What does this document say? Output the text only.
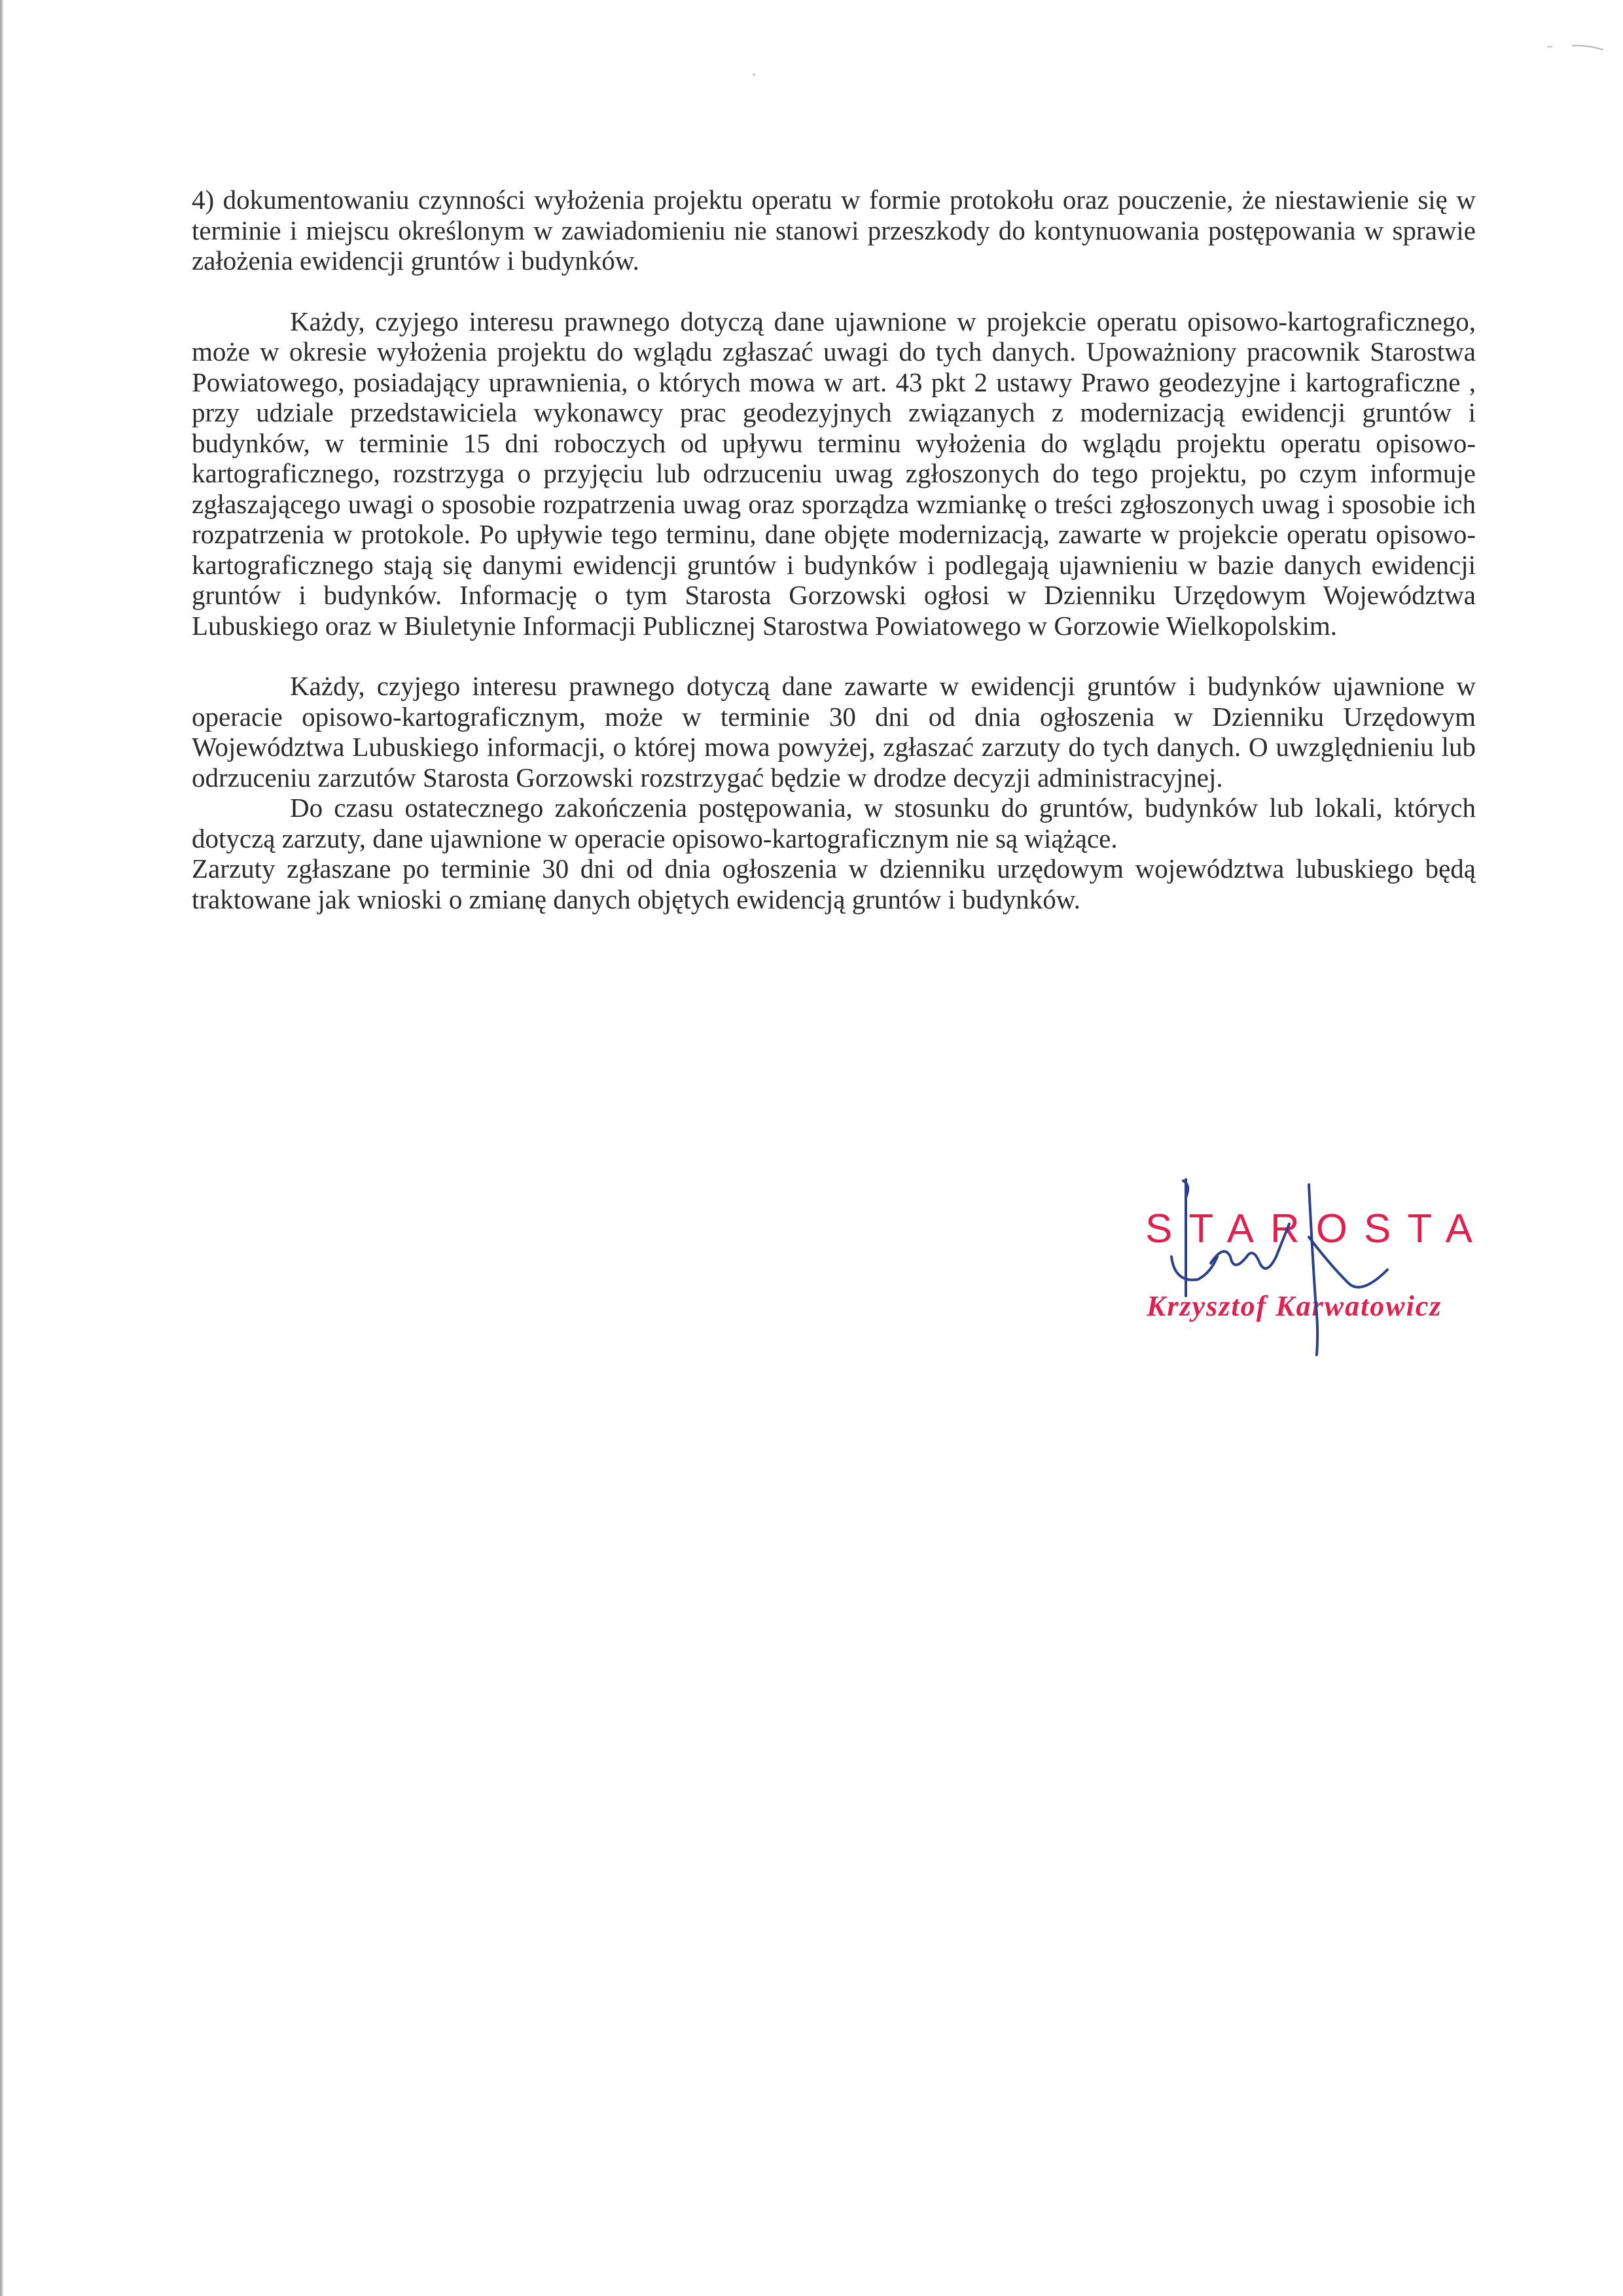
4) dokumentowaniu czynności wyłożenia projektu operatu w formie protokołu oraz pouczenie, że niestawienie się w terminie i miejscu określonym w zawiadomieniu nie stanowi przeszkody do kontynuowania postępowania w sprawie założenia ewidencji gruntów i budynków.

Każdy, czyjego interesu prawnego dotyczą dane ujawnione w projekcie operatu opisowo-kartograficznego, może w okresie wyłożenia projektu do wglądu zgłaszać uwagi do tych danych. Upoważniony pracownik Starostwa Powiatowego, posiadający uprawnienia, o których mowa w art. 43 pkt 2 ustawy Prawo geodezyjne i kartograficzne , przy udziale przedstawiciela wykonawcy prac geodezyjnych związanych z modernizacją ewidencji gruntów i budynków, w terminie 15 dni roboczych od upływu terminu wyłożenia do wglądu projektu operatu opisowo-kartograficznego, rozstrzyga o przyjęciu lub odrzuceniu uwag zgłoszonych do tego projektu, po czym informuje zgłaszającego uwagi o sposobie rozpatrzenia uwag oraz sporządza wzmiankę o treści zgłoszonych uwag i sposobie ich rozpatrzenia w protokole. Po upływie tego terminu, dane objęte modernizacją, zawarte w projekcie operatu opisowo-kartograficznego stają się danymi ewidencji gruntów i budynków i podlegają ujawnieniu w bazie danych ewidencji gruntów i budynków. Informację o tym Starosta Gorzowski ogłosi w Dzienniku Urzędowym Województwa Lubuskiego oraz w Biuletynie Informacji Publicznej Starostwa Powiatowego w Gorzowie Wielkopolskim.

Każdy, czyjego interesu prawnego dotyczą dane zawarte w ewidencji gruntów i budynków ujawnione w operacie opisowo-kartograficznym, może w terminie 30 dni od dnia ogłoszenia w Dzienniku Urzędowym Województwa Lubuskiego informacji, o której mowa powyżej, zgłaszać zarzuty do tych danych. O uwzględnieniu lub odrzuceniu zarzutów Starosta Gorzowski rozstrzygać będzie w drodze decyzji administracyjnej.

Do czasu ostatecznego zakończenia postępowania, w stosunku do gruntów, budynków lub lokali, których dotyczą zarzuty, dane ujawnione w operacie opisowo-kartograficznym nie są wiążące.

Zarzuty zgłaszane po terminie 30 dni od dnia ogłoszenia w dzienniku urzędowym województwa lubuskiego będą traktowane jak wnioski o zmianę danych objętych ewidencją gruntów i budynków.

STAROSTA
Krzysztof Karwatowicz
